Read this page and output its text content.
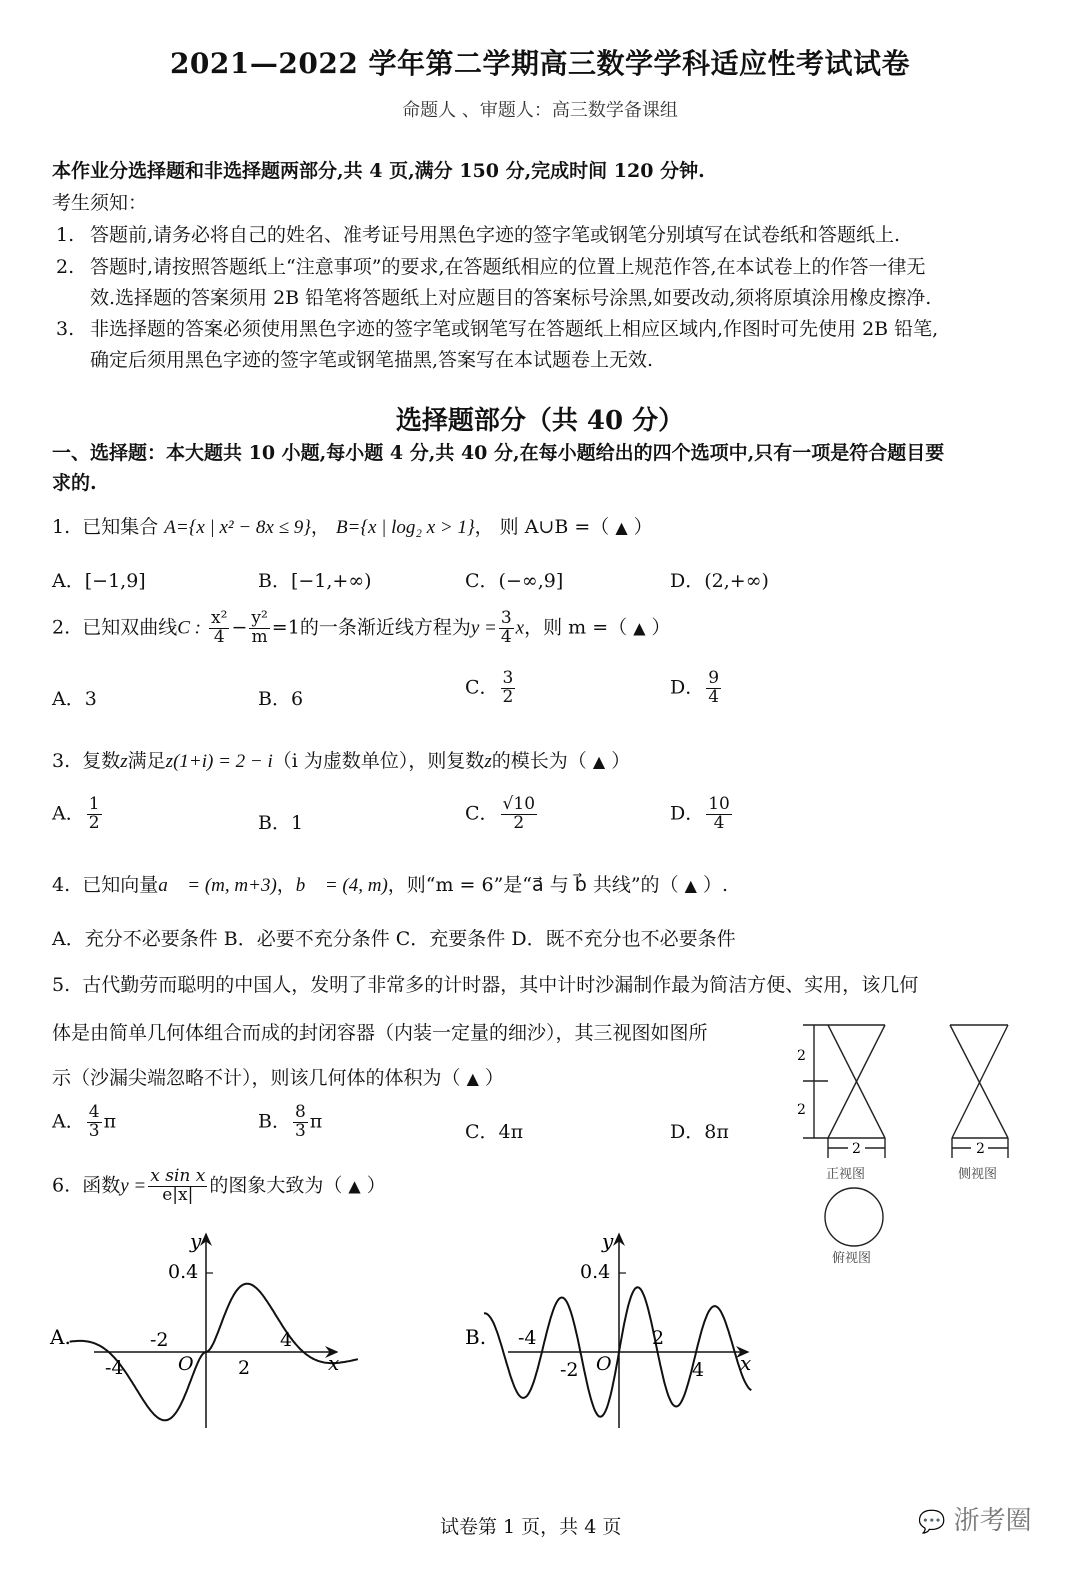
2021—2022 学年第二学期高三数学学科适应性考试试卷
命题人 、审题人：高三数学备课组
本作业分选择题和非选择题两部分,共 4 页,满分 150 分,完成时间 120 分钟.
考生须知：
1. 答题前,请务必将自己的姓名、准考证号用黑色字迹的签字笔或钢笔分别填写在试卷纸和答题纸上.
2. 答题时,请按照答题纸上“注意事项”的要求,在答题纸相应的位置上规范作答,在本试卷上的作答一律无
效.选择题的答案须用 2B 铅笔将答题纸上对应题目的答案标号涂黑,如要改动,须将原填涂用橡皮擦净.
3. 非选择题的答案必须使用黑色字迹的签字笔或钢笔写在答题纸上相应区域内,作图时可先使用 2B 铅笔,
确定后须用黑色字迹的签字笔或钢笔描黑,答案写在本试题卷上无效.
选择题部分（共 40 分）
一、选择题：本大题共 10 小题,每小题 4 分,共 40 分,在每小题给出的四个选项中,只有一项是符合题目要
求的.
1. 已知集合 A={x | x² − 8x ≤ 9}， B={x | log₂ x > 1}， 则 A∪B =（ ▲ ）
A．[−1,9]	B．[−1,+∞)	C．(−∞,9]	D．(2,+∞)
2. 已知双曲线C : $\frac{\text{x²}}{4} - \frac{\text{y²}}{m} =1$的一条渐近线方程为$y = \frac{3}{4}$ x，则 m =（ ▲ ）
A．3	B．6
C． $\frac{3}{2}$	D． $\frac{9}{4}$
3. 复数z满足z(1+i) = 2 − i（i 为虚数单位），则复数z的模长为（ ▲ ）
A． $\frac{1}{2}$	B．1	C． $\frac{√10}{2}$	D． $\frac{10}{4}$
4. 已知向量a⃗ = (m, m+3)，b⃗ = (4, m)，则“m = 6”是“a⃗ 与 b⃗ 共线”的（ ▲ ）.
A．充分不必要条件 B．必要不充分条件 C．充要条件 D．既不充分也不必要条件
5. 古代勤劳而聪明的中国人，发明了非常多的计时器，其中计时沙漏制作最为简洁方便、实用，该几何
体是由简单几何体组合而成的封闭容器（内装一定量的细沙），其三视图如图所
示（沙漏尖端忽略不计），则该几何体的体积为（ ▲ ）
A． $\frac{4}{3}$ π	B． $\frac{8}{3}$ π	C．4π	D．8π
2
2
2	2
正视图	侧视图
俯视图
6. 函数$y = \frac{\text{x sin x}}{e|x|}$ 的图象大致为（ ▲ ）
A.
0.4
-2	4
-4	2
O	x
y
B.
0.4
-4	2
-2	4
O	x
y
试卷第 1 页，共 4 页	💬 浙考圈
